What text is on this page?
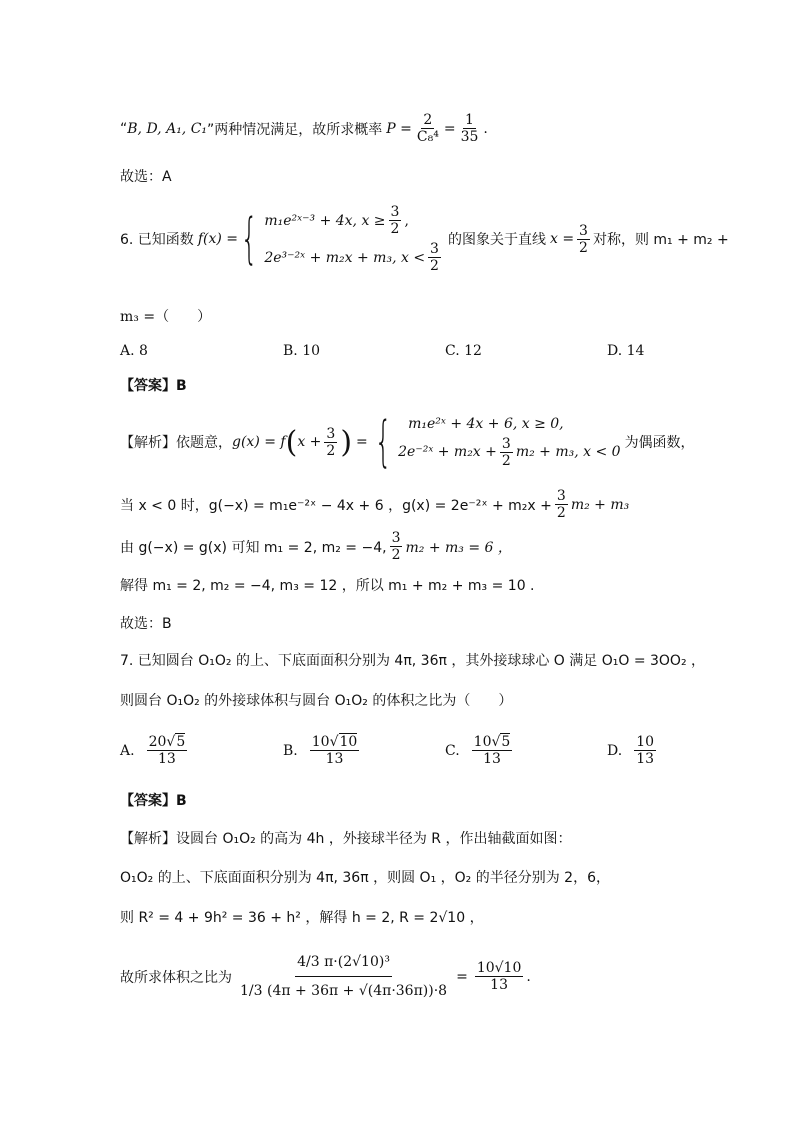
“ B, D, A₁, C₁ ”两种情况满足，故所求概率 $P = \frac{2}{\text{C₈⁴}} = \frac{1}{35}$ .
故选：A
6. 已知函数 f(x) = { m₁e²ˣ⁻³ + 4x, $x \ge \frac{3}{2}$ ,
2e³⁻²ˣ + m₂x + m₃, $x < \frac{3}{2}$
的图象关于直线 $x = \frac{3}{2}$ 对称，则 m₁ + m₂ +
m₃ =（　　）
A. 8	B. 10	C. 12	D. 14
【答案】B
【解析】依题意， g(x) = f ( $x + \frac{3}{2}$ ) = { m₁e²ˣ + 4x + 6, x ≥ 0,
2e⁻²ˣ + $m_2x + \frac{3}{2} m_2 + m_3$, x < 0
为偶函数，
当 x < 0 时，g(−x) = m₁e⁻²ˣ − 4x + 6 ，g(x) = 2e⁻²ˣ + $m_2x + \frac{3}{2} m_2 + m_3$
由 g(−x) = g(x) 可知 m₁ = 2, m₂ = −4, $\frac{3}{2} m_2 + m_3 = 6$ ，
解得 m₁ = 2, m₂ = −4, m₃ = 12 ，所以 m₁ + m₂ + m₃ = 10 .
故选：B
7. 已知圆台 O₁O₂ 的上、下底面面积分别为 4π, 36π ，其外接球球心 O 满足 O₁O = 3OO₂ ，
则圆台 O₁O₂ 的外接球体积与圆台 O₁O₂ 的体积之比为（　　）
A. $\frac{20√5}{13}$	B. $\frac{10√10}{13}$	C. $\frac{10√5}{13}$	D. $\frac{10}{13}$
【答案】B
【解析】设圆台 O₁O₂ 的高为 4h ，外接球半径为 R ，作出轴截面如图：
O₁O₂ 的上、下底面面积分别为 4π, 36π ，则圆 O₁ ，O₂ 的半径分别为 2，6，
则 R² = 4 + 9h² = 36 + h² ，解得 h = 2, R = 2√10 ，
故所求体积之比为 $\frac{\text{4/3 π·(2√10)³}}{1/3 (4\pi + 36\pi + √(4\pi\cdot 36\pi))\cdot 8} = \frac{10√10}{13}$ .
